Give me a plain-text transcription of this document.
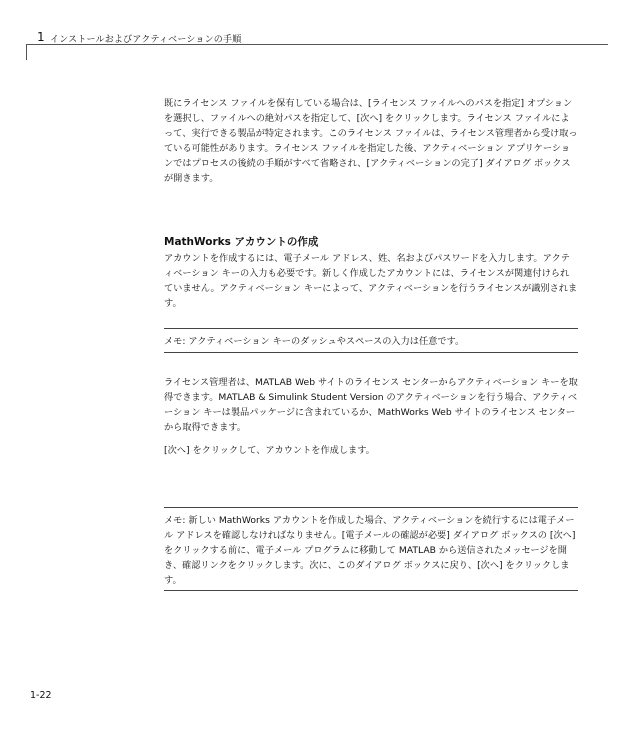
1 インストールおよびアクティベーションの手順

既にライセンス ファイルを保有している場合は、[ライセンス ファイルへのパスを指定] オプションを選択し、ファイルへの絶対パスを指定して、[次へ] をクリックします。ライセンス ファイルによって、実行できる製品が特定されます。このライセンス ファイルは、ライセンス管理者から受け取っている可能性があります。ライセンス ファイルを指定した後、アクティベーション アプリケーションではプロセスの後続の手順がすべて省略され、[アクティベーションの完了] ダイアログ ボックスが開きます。

MathWorks アカウントの作成

アカウントを作成するには、電子メール アドレス、姓、名およびパスワードを入力します。アクティベーション キーの入力も必要です。新しく作成したアカウントには、ライセンスが関連付けられていません。アクティベーション キーによって、アクティベーションを行うライセンスが識別されます。

メモ: アクティベーション キーのダッシュやスペースの入力は任意です。

ライセンス管理者は、MATLAB Web サイトのライセンス センターからアクティベーション キーを取得できます。MATLAB & Simulink Student Version のアクティベーションを行う場合、アクティベーション キーは製品パッケージに含まれているか、MathWorks Web サイトのライセンス センターから取得できます。

[次へ] をクリックして、アカウントを作成します。

メモ: 新しい MathWorks アカウントを作成した場合、アクティベーションを続行するには電子メール アドレスを確認しなければなりません。[電子メールの確認が必要] ダイアログ ボックスの [次へ] をクリックする前に、電子メール プログラムに移動して MATLAB から送信されたメッセージを開き、確認リンクをクリックします。次に、このダイアログ ボックスに戻り、[次へ] をクリックします。

1-22
